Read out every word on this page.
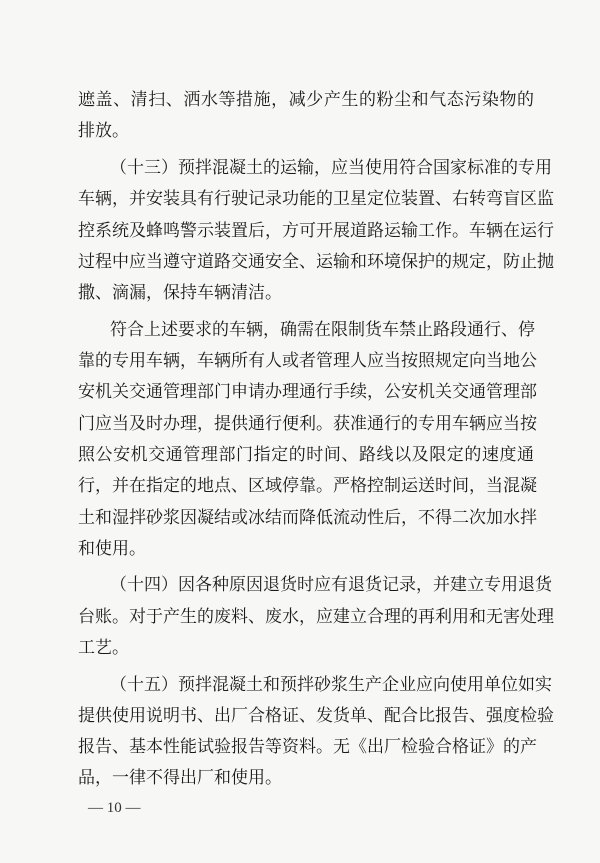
遮盖、清扫、洒水等措施，减少产生的粉尘和气态污染物的
排放。
（十三）预拌混凝土的运输，应当使用符合国家标准的专用
车辆，并安装具有行驶记录功能的卫星定位装置、右转弯盲区监
控系统及蜂鸣警示装置后，方可开展道路运输工作。车辆在运行
过程中应当遵守道路交通安全、运输和环境保护的规定，防止抛
撒、滴漏，保持车辆清洁。
符合上述要求的车辆，确需在限制货车禁止路段通行、停
靠的专用车辆，车辆所有人或者管理人应当按照规定向当地公
安机关交通管理部门申请办理通行手续，公安机关交通管理部
门应当及时办理，提供通行便利。获准通行的专用车辆应当按
照公安机交通管理部门指定的时间、路线以及限定的速度通
行，并在指定的地点、区域停靠。严格控制运送时间，当混凝
土和湿拌砂浆因凝结或冰结而降低流动性后，不得二次加水拌
和使用。
（十四）因各种原因退货时应有退货记录，并建立专用退货
台账。对于产生的废料、废水，应建立合理的再利用和无害处理
工艺。
（十五）预拌混凝土和预拌砂浆生产企业应向使用单位如实
提供使用说明书、出厂合格证、发货单、配合比报告、强度检验
报告、基本性能试验报告等资料。无《出厂检验合格证》的产
品，一律不得出厂和使用。
— 10 —
